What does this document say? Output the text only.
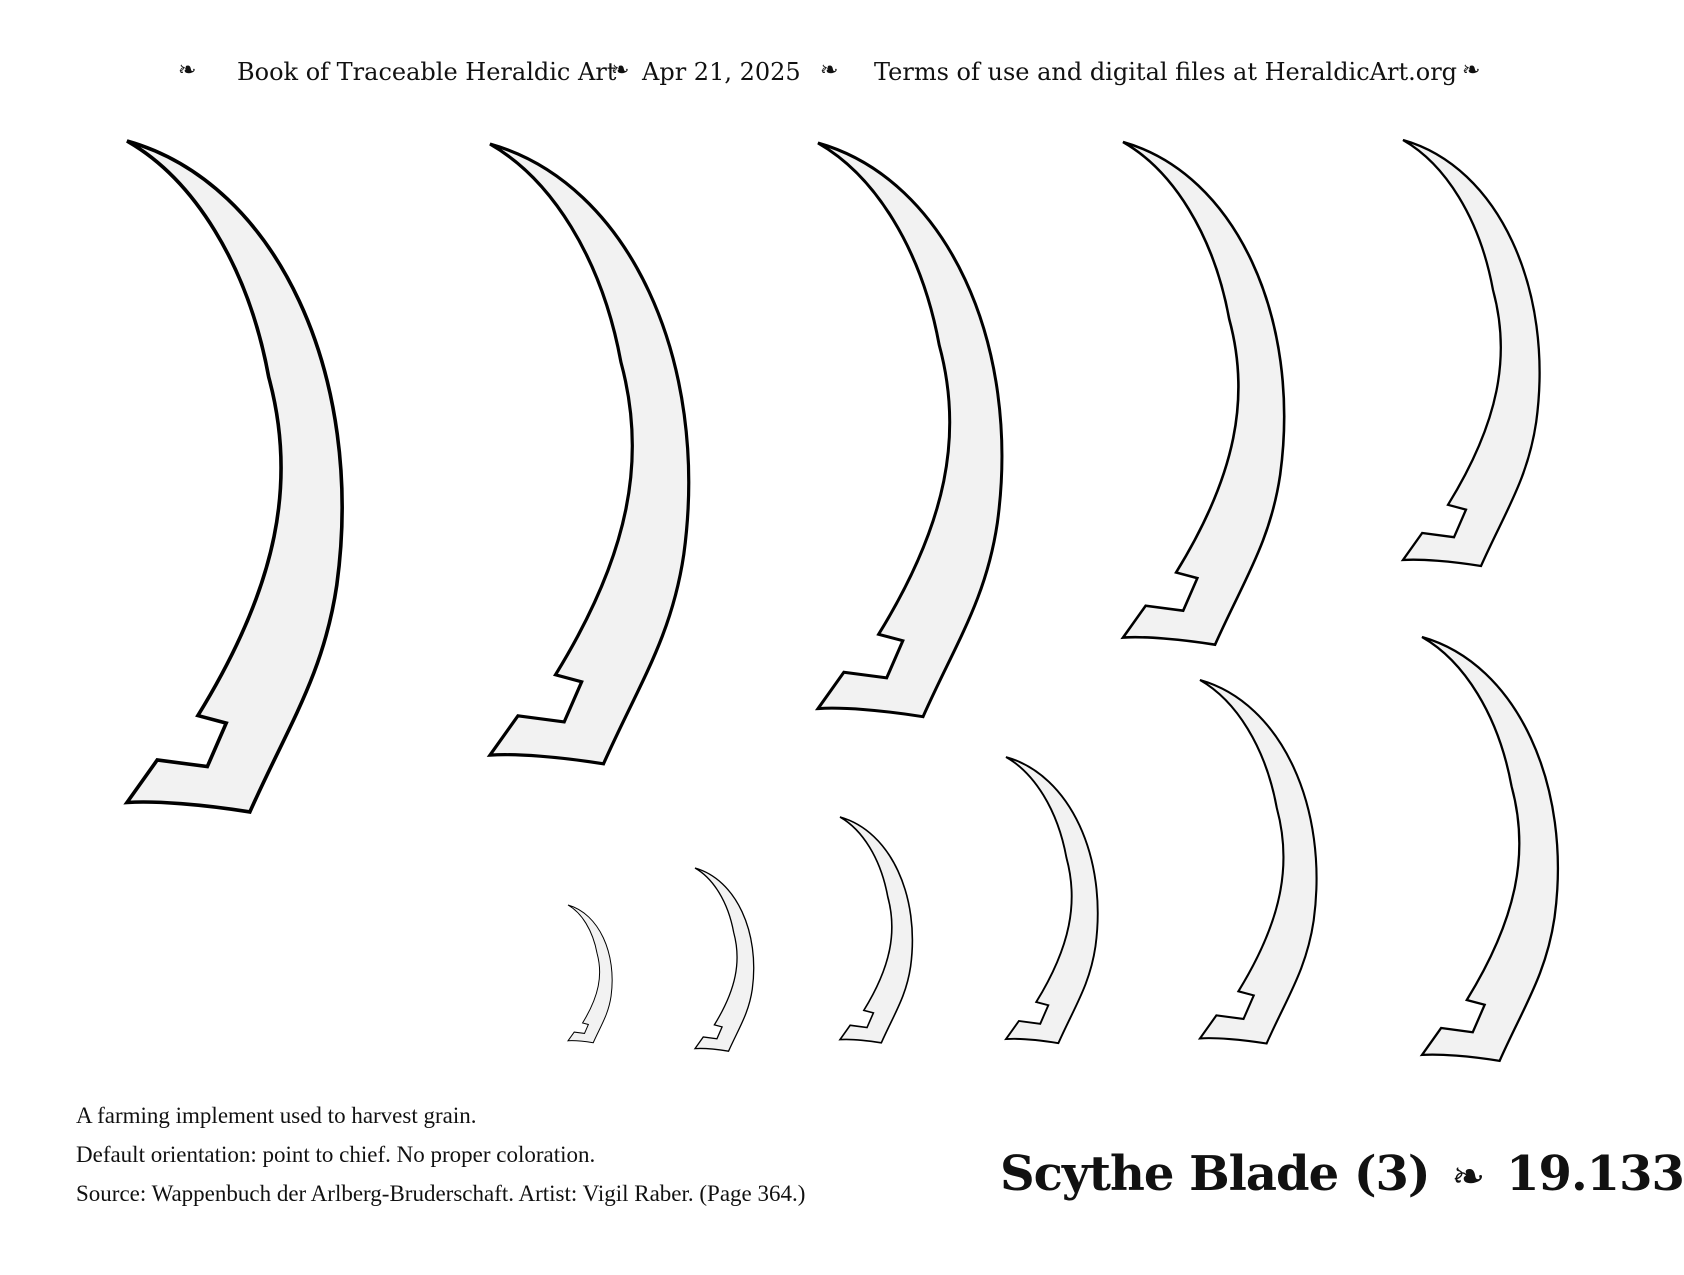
❧ Book of Traceable Heraldic Art
❧ Apr 21, 2025 ❧ Terms of use and digital files at HeraldicArt.org ❧
A farming implement used to harvest grain.
Default orientation: point to chief. No proper coloration.
Source: Wappenbuch der Arlberg-Bruderschaft. Artist: Vigil Raber. (Page 364.)	Scythe Blade (3) ❧ 19.133
